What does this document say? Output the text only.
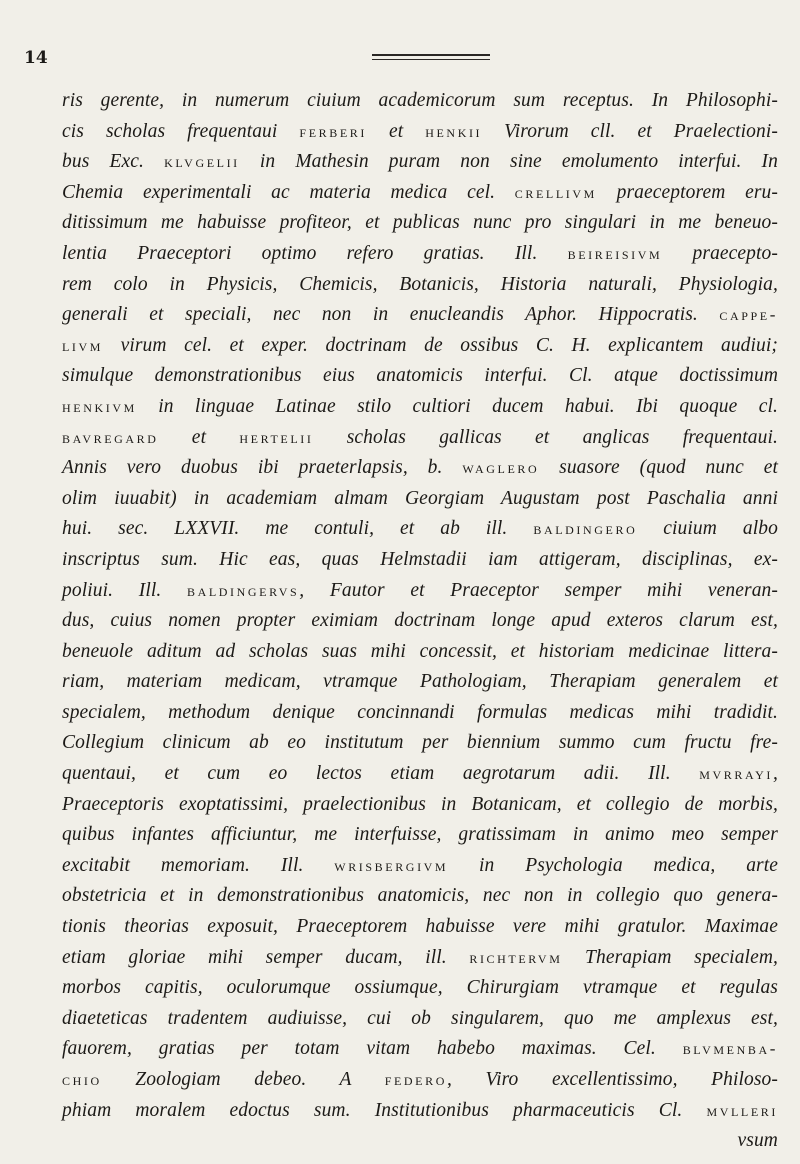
14
ris gerente, in numerum ciuium academicorum sum receptus. In Philosophi-
cis scholas frequentaui ferberi et henkii Virorum cll. et Praelectioni-
bus Exc. klvgelii in Mathesin puram non sine emolumento interfui. In
Chemia experimentali ac materia medica cel. crellivm praeceptorem eru-
ditissimum me habuisse profiteor, et publicas nunc pro singulari in me beneuo-
lentia Praeceptori optimo refero gratias. Ill. beireisivm praecepto-
rem colo in Physicis, Chemicis, Botanicis, Historia naturali, Physiologia,
generali et speciali, nec non in enucleandis Aphor. Hippocratis. cappe-
livm virum cel. et exper. doctrinam de ossibus C. H. explicantem audiui;
simulque demonstrationibus eius anatomicis interfui. Cl. atque doctissimum
henkivm in linguae Latinae stilo cultiori ducem habui. Ibi quoque cl.
bavregard et hertelii scholas gallicas et anglicas frequentaui.
Annis vero duobus ibi praeterlapsis, b. waglero suasore (quod nunc et
olim iuuabit) in academiam almam Georgiam Augustam post Paschalia anni
hui. sec. LXXVII. me contuli, et ab ill. baldingero ciuium albo
inscriptus sum. Hic eas, quas Helmstadii iam attigeram, disciplinas, ex-
poliui. Ill. baldingervs, Fautor et Praeceptor semper mihi veneran-
dus, cuius nomen propter eximiam doctrinam longe apud exteros clarum est,
beneuole aditum ad scholas suas mihi concessit, et historiam medicinae littera-
riam, materiam medicam, vtramque Pathologiam, Therapiam generalem et
specialem, methodum denique concinnandi formulas medicas mihi tradidit.
Collegium clinicum ab eo institutum per biennium summo cum fructu fre-
quentaui, et cum eo lectos etiam aegrotarum adii. Ill. mvrrayi,
Praeceptoris exoptatissimi, praelectionibus in Botanicam, et collegio de morbis,
quibus infantes afficiuntur, me interfuisse, gratissimam in animo meo semper
excitabit memoriam. Ill. wrisbergivm in Psychologia medica, arte
obstetricia et in demonstrationibus anatomicis, nec non in collegio quo genera-
tionis theorias exposuit, Praeceptorem habuisse vere mihi gratulor. Maximae
etiam gloriae mihi semper ducam, ill. richtervm Therapiam specialem,
morbos capitis, oculorumque ossiumque, Chirurgiam vtramque et regulas
diaeteticas tradentem audiuisse, cui ob singularem, quo me amplexus est,
fauorem, gratias per totam vitam habebo maximas. Cel. blvmenba-
chio Zoologiam debeo. A federo, Viro excellentissimo, Philoso-
phiam moralem edoctus sum. Institutionibus pharmaceuticis Cl. mvlleri
vsum
